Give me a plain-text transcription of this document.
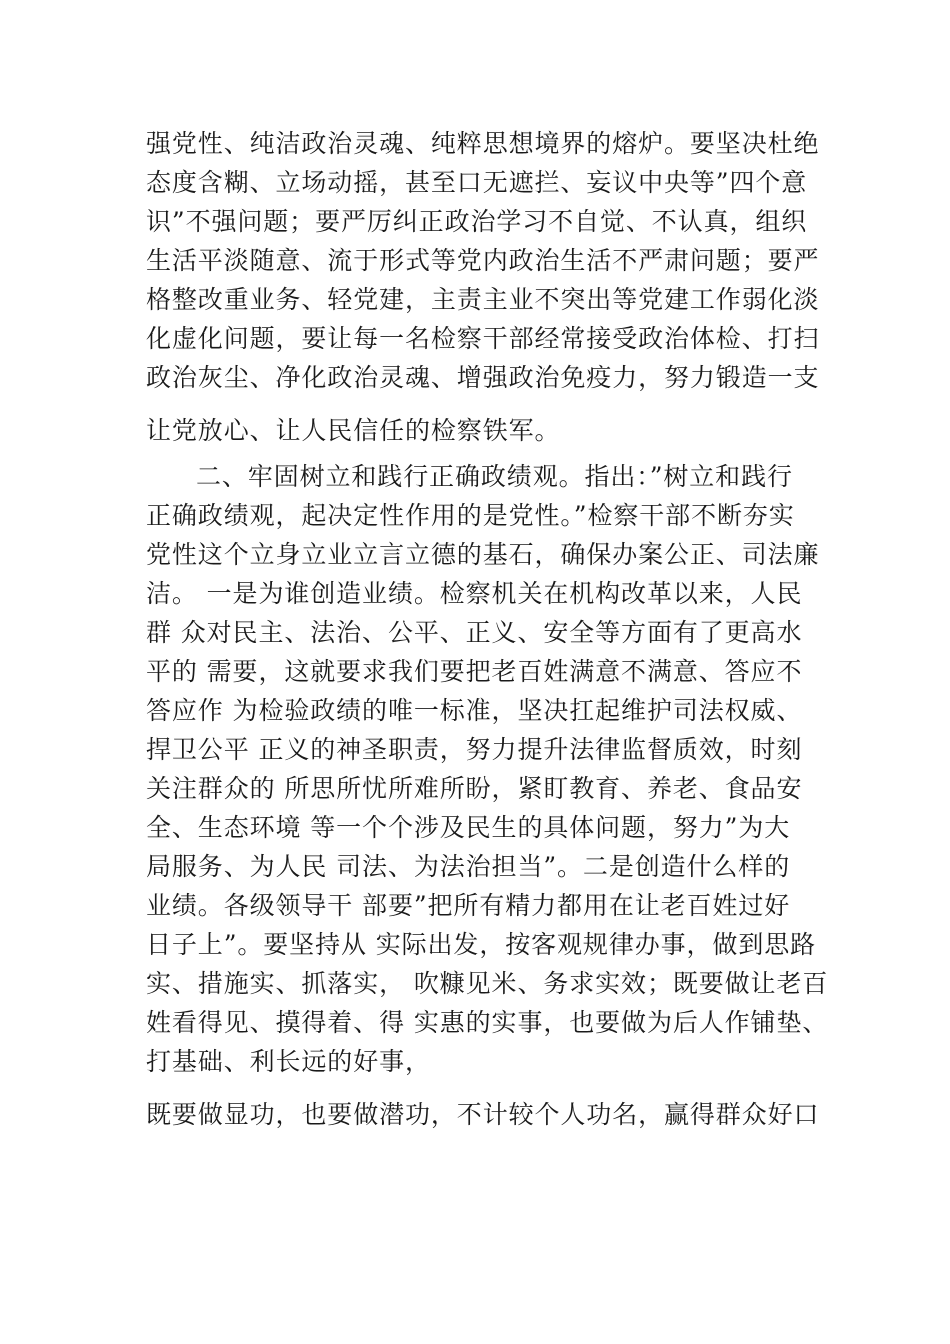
强党性、纯洁政治灵魂、纯粹思想境界的熔炉。要坚决杜绝
态度含糊、立场动摇，甚至口无遮拦、妄议中央等”四个意
识”不强问题；要严厉纠正政治学习不自觉、不认真，组织
生活平淡随意、流于形式等党内政治生活不严肃问题；要严
格整改重业务、轻党建，主责主业不突出等党建工作弱化淡
化虚化问题，要让每一名检察干部经常接受政治体检、打扫
政治灰尘、净化政治灵魂、增强政治免疫力，努力锻造一支
让党放心、让人民信任的检察铁军。
二、牢固树立和践行正确政绩观。指出：”树立和践行
正确政绩观，起决定性作用的是党性。”检察干部不断夯实
党性这个立身立业立言立德的基石，确保办案公正、司法廉
洁。 一是为谁创造业绩。检察机关在机构改革以来，人民
群 众对民主、法治、公平、正义、安全等方面有了更高水
平的 需要，这就要求我们要把老百姓满意不满意、答应不
答应作 为检验政绩的唯一标准，坚决扛起维护司法权威、
捍卫公平 正义的神圣职责，努力提升法律监督质效，时刻
关注群众的 所思所忧所难所盼，紧盯教育、养老、食品安
全、生态环境 等一个个涉及民生的具体问题，努力”为大
局服务、为人民 司法、为法治担当”。二是创造什么样的
业绩。各级领导干 部要”把所有精力都用在让老百姓过好
日子上”。要坚持从 实际出发，按客观规律办事，做到思路
实、措施实、抓落实， 吹糠见米、务求实效；既要做让老百
姓看得见、摸得着、得 实惠的实事，也要做为后人作铺垫、
打基础、利长远的好事，
既要做显功，也要做潜功，不计较个人功名，赢得群众好口
